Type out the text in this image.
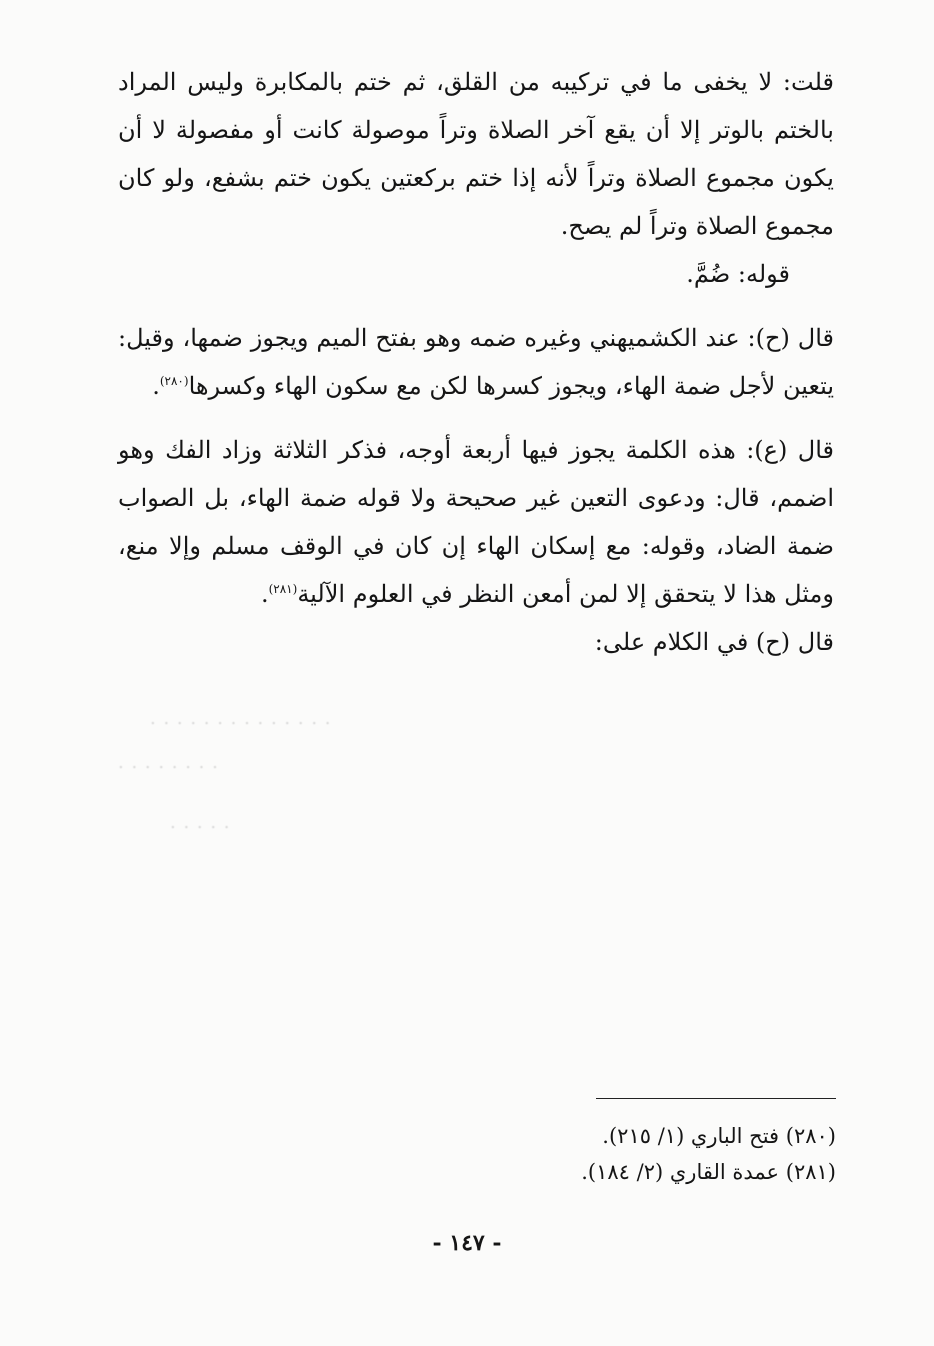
. . . . . . . . . . . . . .
. . . . . . . .
. . . . .

قلت: لا يخفى ما في تركيبه من القلق، ثم ختم بالمكابرة وليس المراد بالختم بالوتر إلا أن يقع آخر الصلاة وتراً موصولة كانت أو مفصولة لا أن يكون مجموع الصلاة وتراً لأنه إذا ختم بركعتين يكون ختم بشفع، ولو كان مجموع الصلاة وتراً لم يصح.

قوله: ضُمَّ.

قال (ح): عند الكشميهني وغيره ضمه وهو بفتح الميم ويجوز ضمها، وقيل: يتعين لأجل ضمة الهاء، ويجوز كسرها لكن مع سكون الهاء وكسرها$^{(٢٨٠)}$.

قال (ع): هذه الكلمة يجوز فيها أربعة أوجه، فذكر الثلاثة وزاد الفك وهو اضمم، قال: ودعوى التعين غير صحيحة ولا قوله ضمة الهاء، بل الصواب ضمة الضاد، وقوله: مع إسكان الهاء إن كان في الوقف مسلم وإلا منع، ومثل هذا لا يتحقق إلا لمن أمعن النظر في العلوم الآلية$^{(٢٨١)}$.

قال (ح) في الكلام على:

(٢٨٠) فتح الباري (١/ ٢١٥).

(٢٨١) عمدة القاري (٢/ ١٨٤).

- ١٤٧ -
